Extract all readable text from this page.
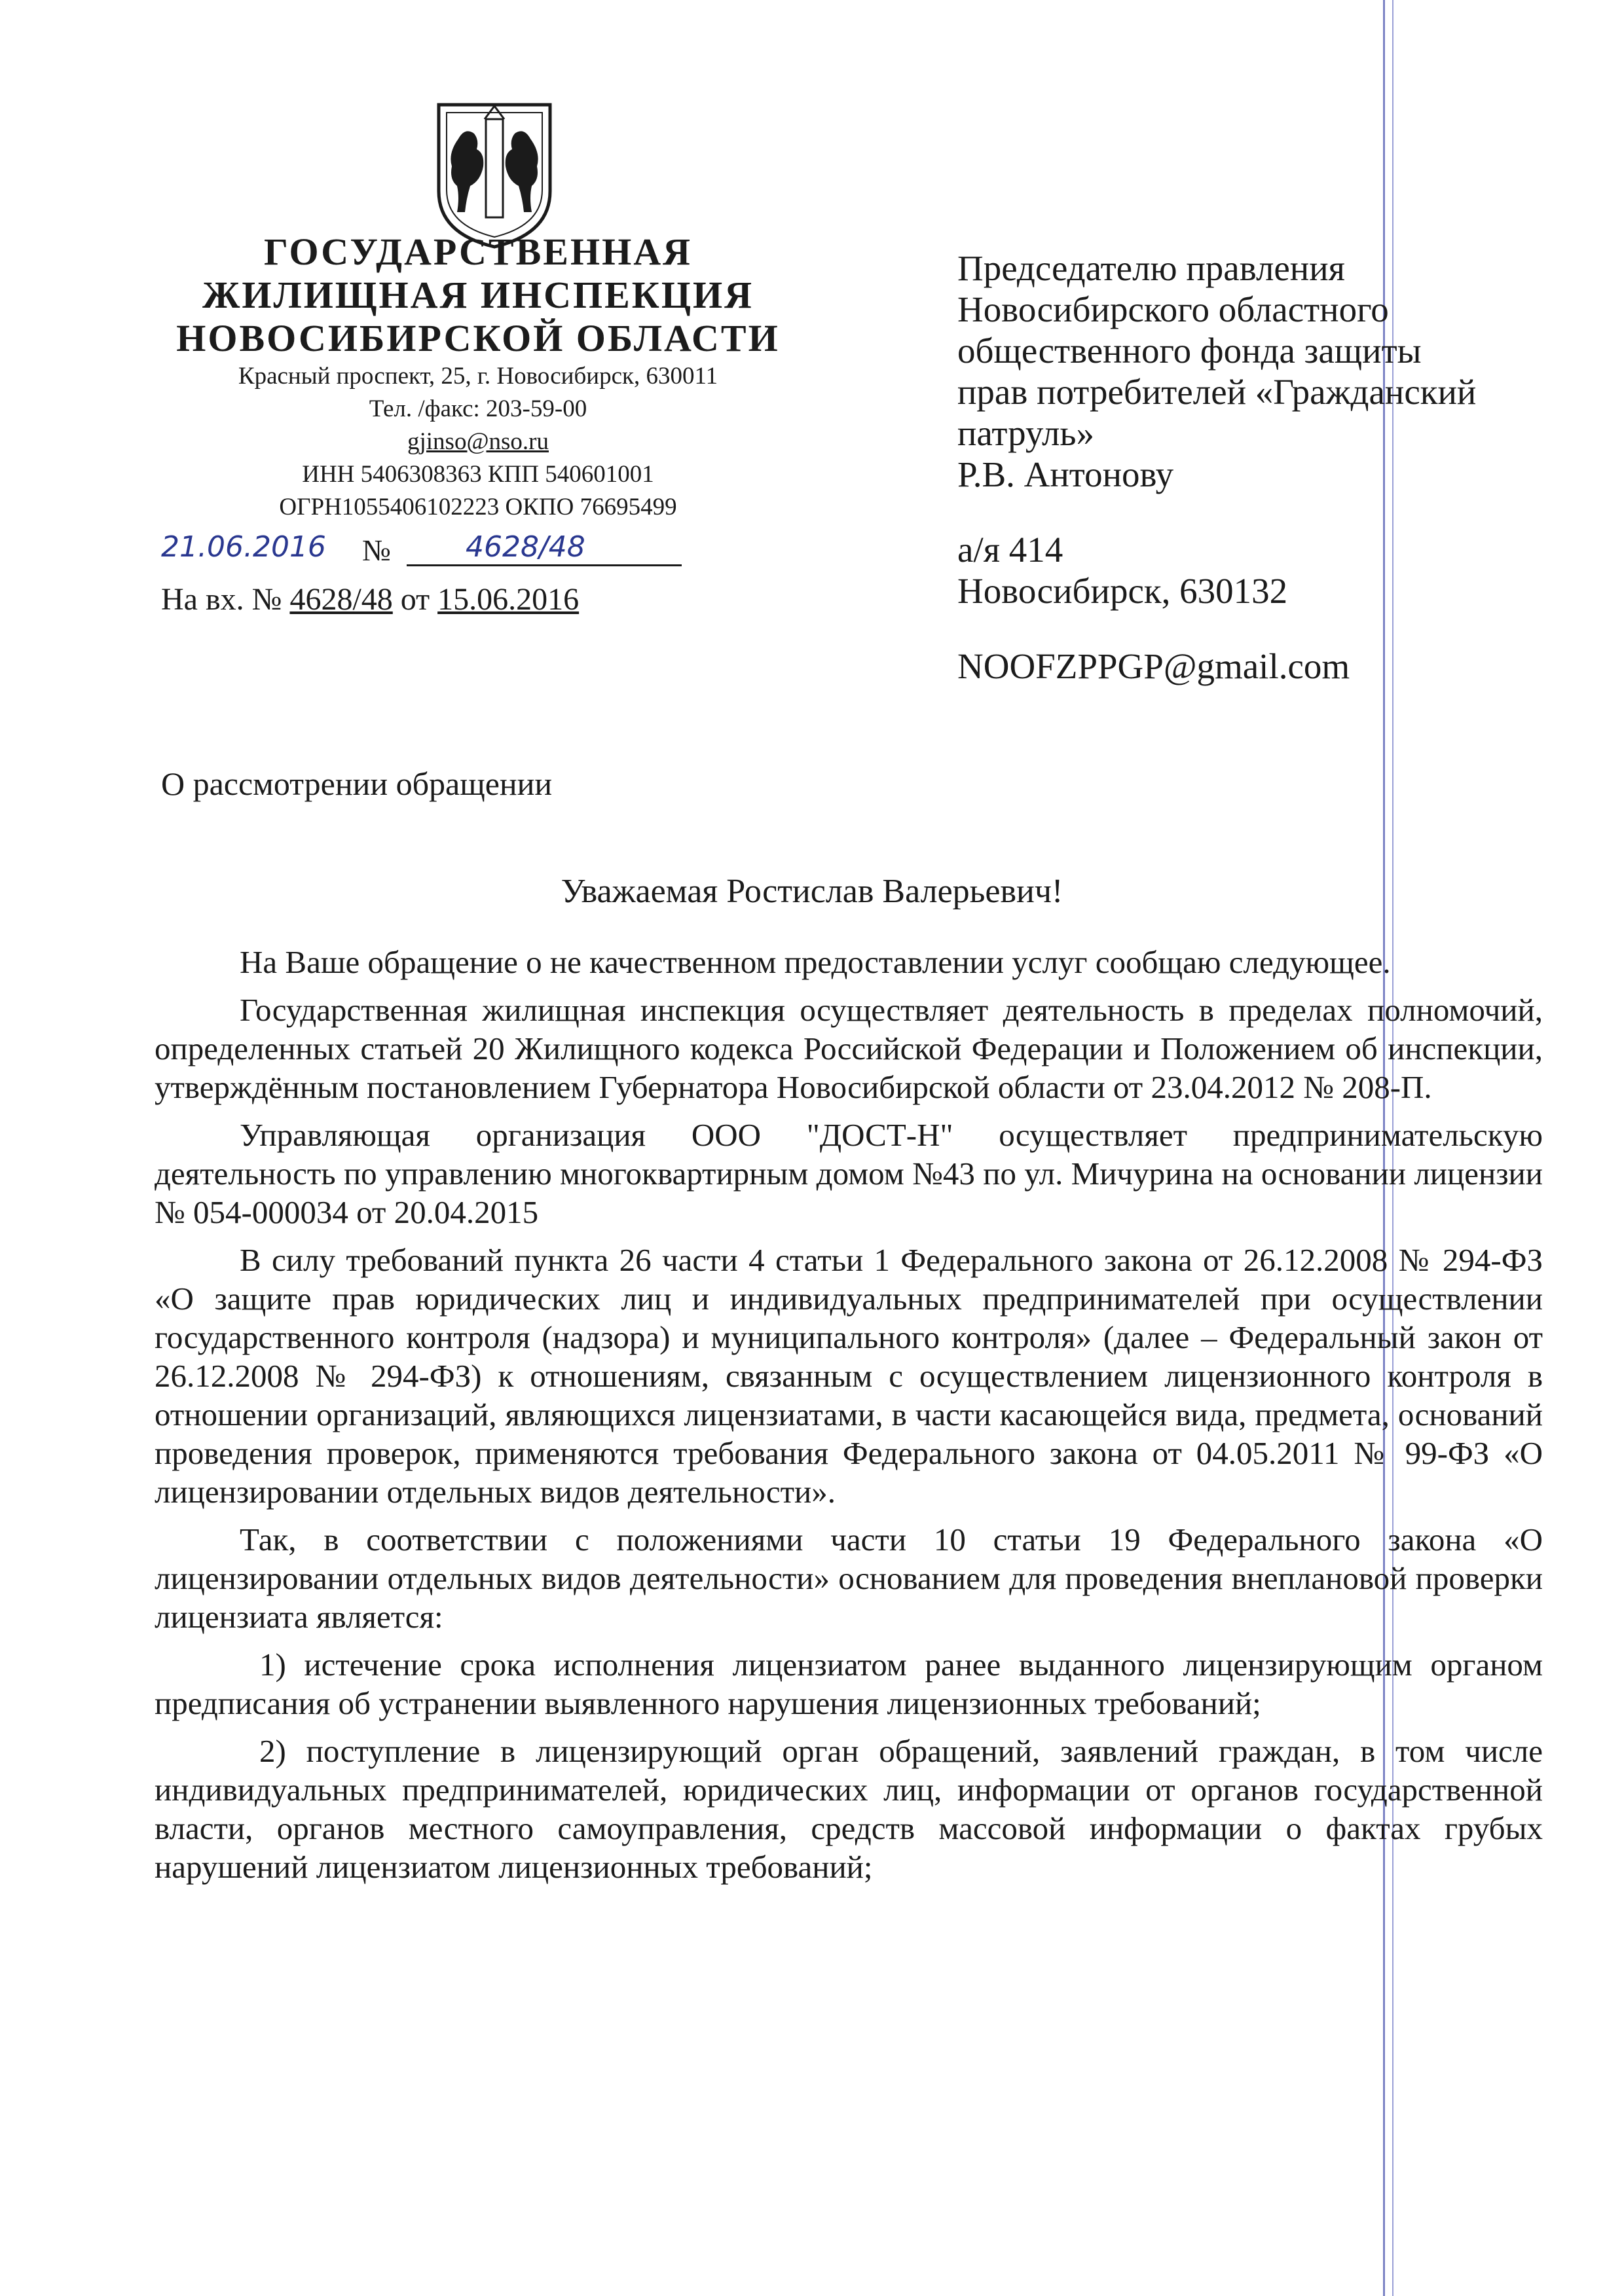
ГОСУДАРСТВЕННАЯ
ЖИЛИЩНАЯ ИНСПЕКЦИЯ
НОВОСИБИРСКОЙ ОБЛАСТИ
Красный проспект, 25, г. Новосибирск, 630011
Тел. /факс: 203-59-00
gjinso@nso.ru
ИНН 5406308363 КПП 540601001
ОГРН1055406102223 ОКПО 76695499
21.06.2016 №	4628/48
На вх. № 4628/48 от 15.06.2016
Председателю правления
Новосибирского областного
общественного фонда защиты
прав потребителей «Гражданский
патруль»
Р.В. Антонову
а/я 414
Новосибирск, 630132
NOOFZPPGP@gmail.com
О рассмотрении обращении
Уважаемая Ростислав Валерьевич!

На Ваше обращение о не качественном предоставлении услуг сообщаю следующее.

Государственная жилищная инспекция осуществляет деятельность в пределах полномочий, определенных статьей 20 Жилищного кодекса Российской Федерации и Положением об инспекции, утверждённым постановлением Губернатора Новосибирской области от 23.04.2012 № 208-П.

Управляющая организация ООО "ДОСТ-Н" осуществляет предпринимательскую деятельность по управлению многоквартирным домом №43 по ул. Мичурина на основании лицензии № 054-000034 от 20.04.2015

В силу требований пункта 26 части 4 статьи 1 Федерального закона от 26.12.2008 № 294-ФЗ «О защите прав юридических лиц и индивидуальных предпринимателей при осуществлении государственного контроля (надзора) и муниципального контроля» (далее – Федеральный закон от 26.12.2008 № 294-ФЗ) к отношениям, связанным с осуществлением лицензионного контроля в отношении организаций, являющихся лицензиатами, в части касающейся вида, предмета, оснований проведения проверок, применяются требования Федерального закона от 04.05.2011 № 99-ФЗ «О лицензировании отдельных видов деятельности».

Так, в соответствии с положениями части 10 статьи 19 Федерального закона «О лицензировании отдельных видов деятельности» основанием для проведения внеплановой проверки лицензиата является:

1) истечение срока исполнения лицензиатом ранее выданного лицензирующим органом предписания об устранении выявленного нарушения лицензионных требований;

2) поступление в лицензирующий орган обращений, заявлений граждан, в том числе индивидуальных предпринимателей, юридических лиц, информации от органов государственной власти, органов местного самоуправления, средств массовой информации о фактах грубых нарушений лицензиатом лицензионных требований;
